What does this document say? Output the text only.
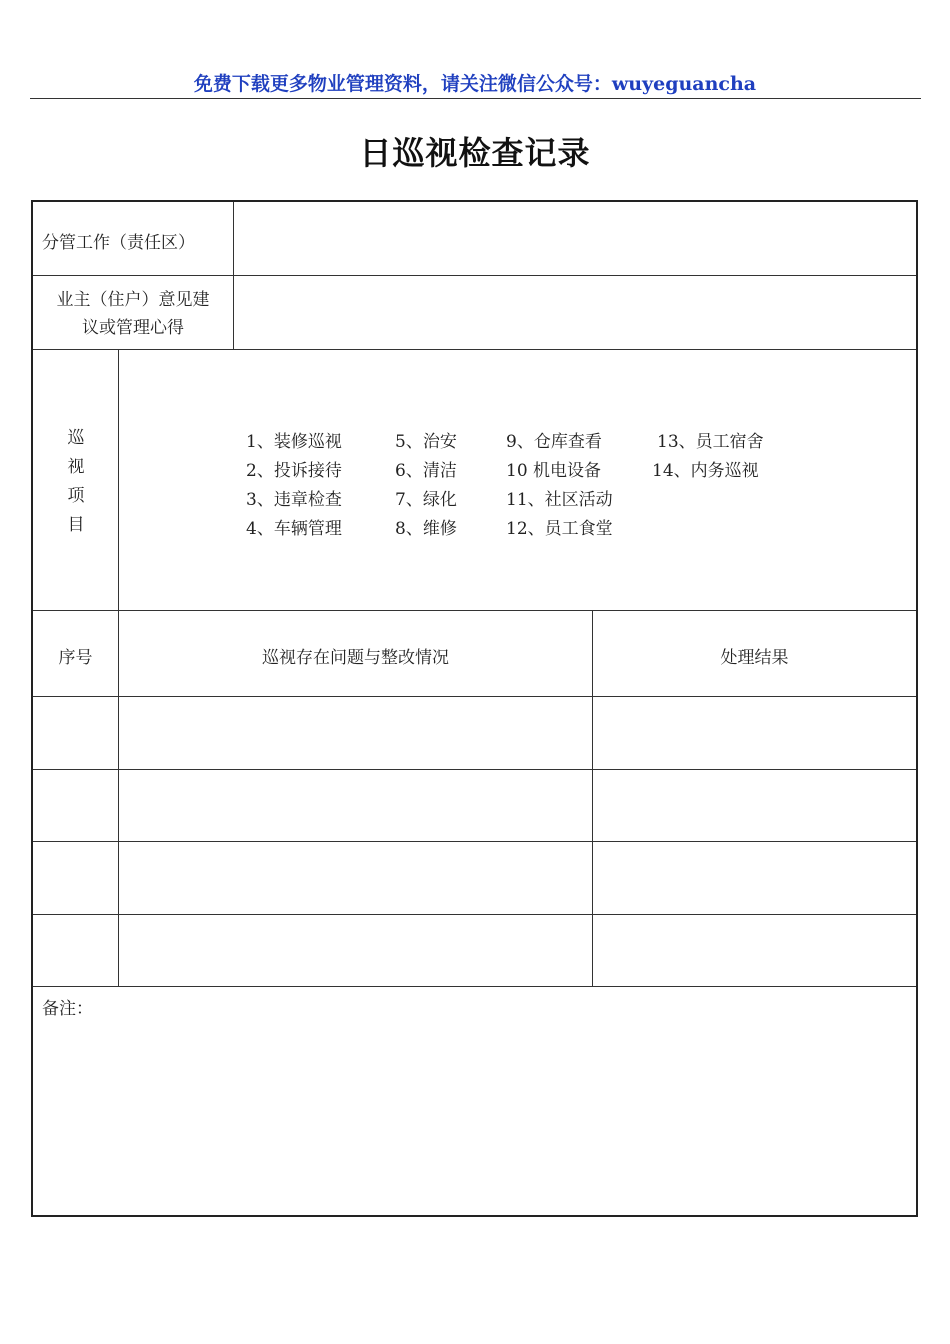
免费下载更多物业管理资料，请关注微信公众号：wuyeguancha
日巡视检查记录
分管工作（责任区）
业主（住户）意见建
议或管理心得
巡
视
项
目
1、装修巡视	5、治安	9、仓库查看	13、员工宿舍
2、投诉接待	6、清洁	10 机电设备	14、内务巡视
3、违章检查	7、绿化	11、社区活动
4、车辆管理	8、维修	12、员工食堂
序号	巡视存在问题与整改情况	处理结果
备注：
